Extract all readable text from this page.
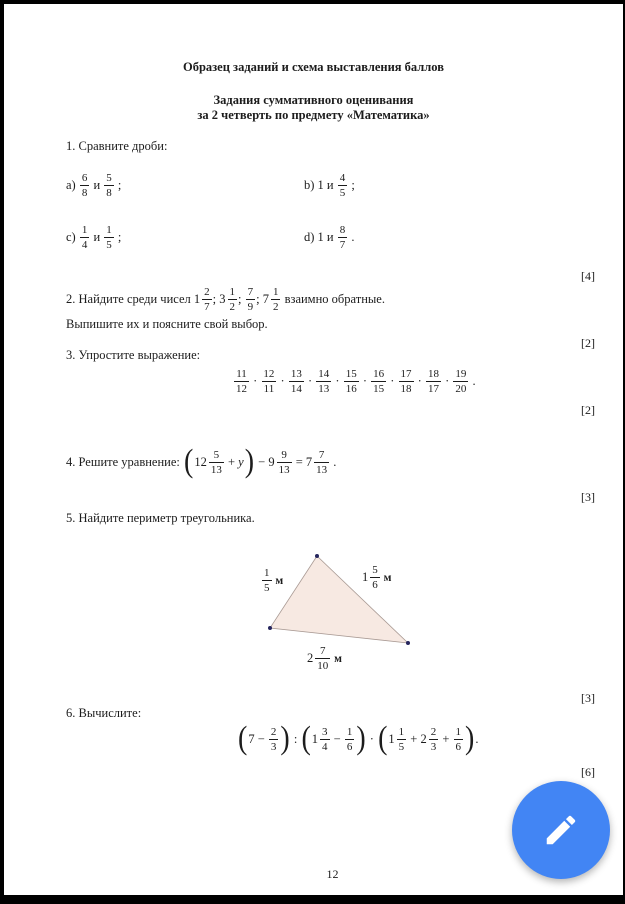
Образец заданий и схема выставления баллов
Задания суммативного оценивания
за 2 четверть по предмету «Математика»
1. Сравните дроби:
$a) \frac{6}{8}$ и $\frac{5}{8}$ ;	b) 1 и $\frac{4}{5}$ ;
$c) \frac{1}{4}$ и $\frac{1}{5}$ ;	d) 1 и $\frac{8}{7}$ .
[4]
2. Найдите среди чисел $1 \frac{2}{7}$ ; $3 \frac{1}{2}$ ; $\frac{7}{9}$ ; $7 \frac{1}{2}$ взаимно обратные.
Выпишите их и поясните свой выбор.
[2]
3. Упростите выражение:
$\frac{11}{12} \cdot \frac{12}{11} \cdot \frac{13}{14} \cdot \frac{14}{13} \cdot \frac{15}{16} \cdot \frac{16}{15} \cdot \frac{17}{18} \cdot \frac{18}{17} \cdot \frac{19}{20}$ .
[2]
4. Решите уравнение: ( $12 \frac{5}{13} + y$ ) − $9 \frac{9}{13} = 7 \frac{7}{13}$ .
[3]
5. Найдите периметр треугольника.
$\frac{1}{5}$ м	$1 \frac{5}{6}$ м
$2 \frac{7}{10}$ м
[3]
6. Вычислите:
( $7 - \frac{2}{3}$ ) : ( $1 \frac{3}{4} - \frac{1}{6}$ ) · ( $1 \frac{1}{5} + 2 \frac{2}{3} + \frac{1}{6}$ ) .
[6]
12
